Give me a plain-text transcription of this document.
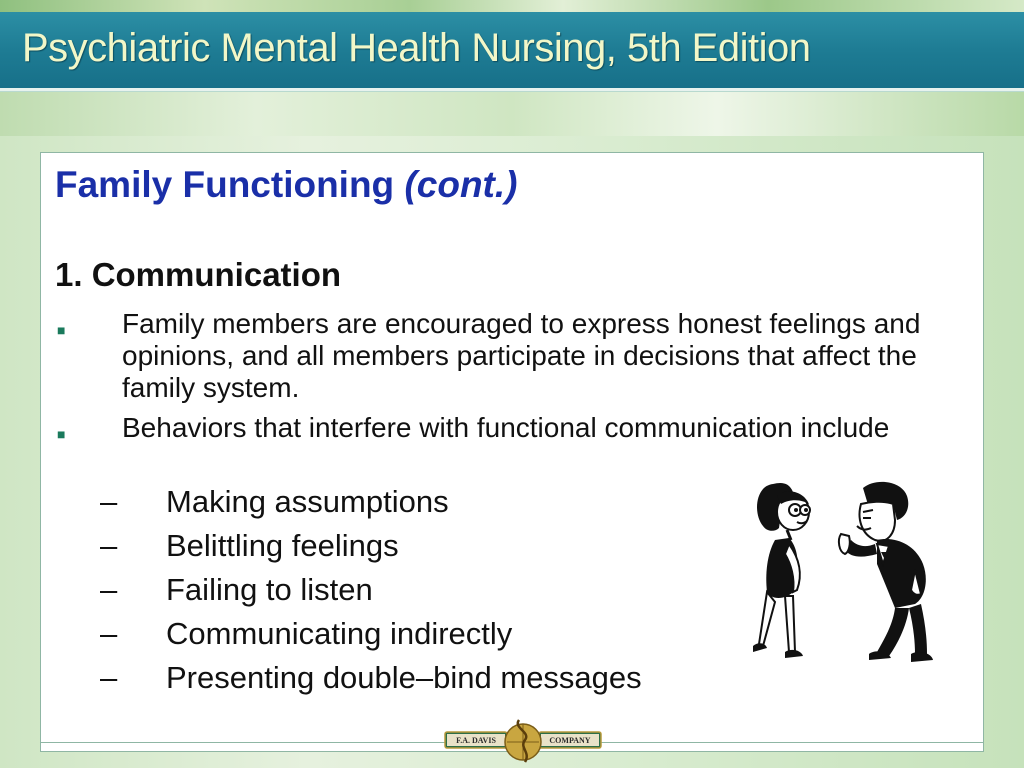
Psychiatric Mental Health Nursing, 5th Edition
Family Functioning (cont.)
1. Communication
■ Family members are encouraged to express honest feelings and opinions, and all members participate in decisions that affect the family system.
■ Behaviors that interfere with functional communication include
– Making assumptions
– Belittling feelings
– Failing to listen
– Communicating indirectly
– Presenting double–bind messages
F.A. DAVIS	COMPANY
